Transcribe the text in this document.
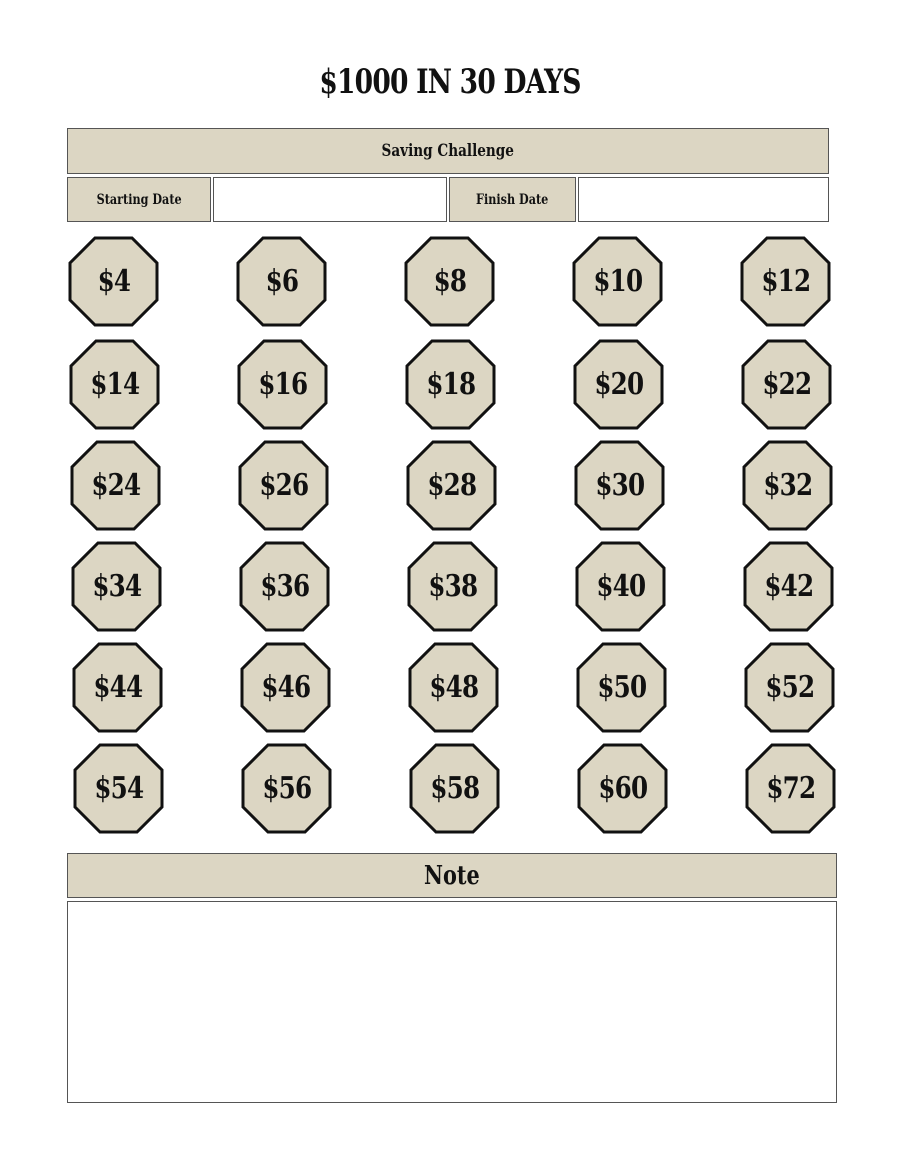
$1000 IN 30 DAYS
Saving Challenge
Starting Date	Finish Date
$4	$6	$8	$10	$12
$14	$16	$18	$20	$22
$24	$26	$28	$30	$32
$34	$36	$38	$40	$42
$44	$46	$48	$50	$52
$54	$56	$58	$60	$72
Note
